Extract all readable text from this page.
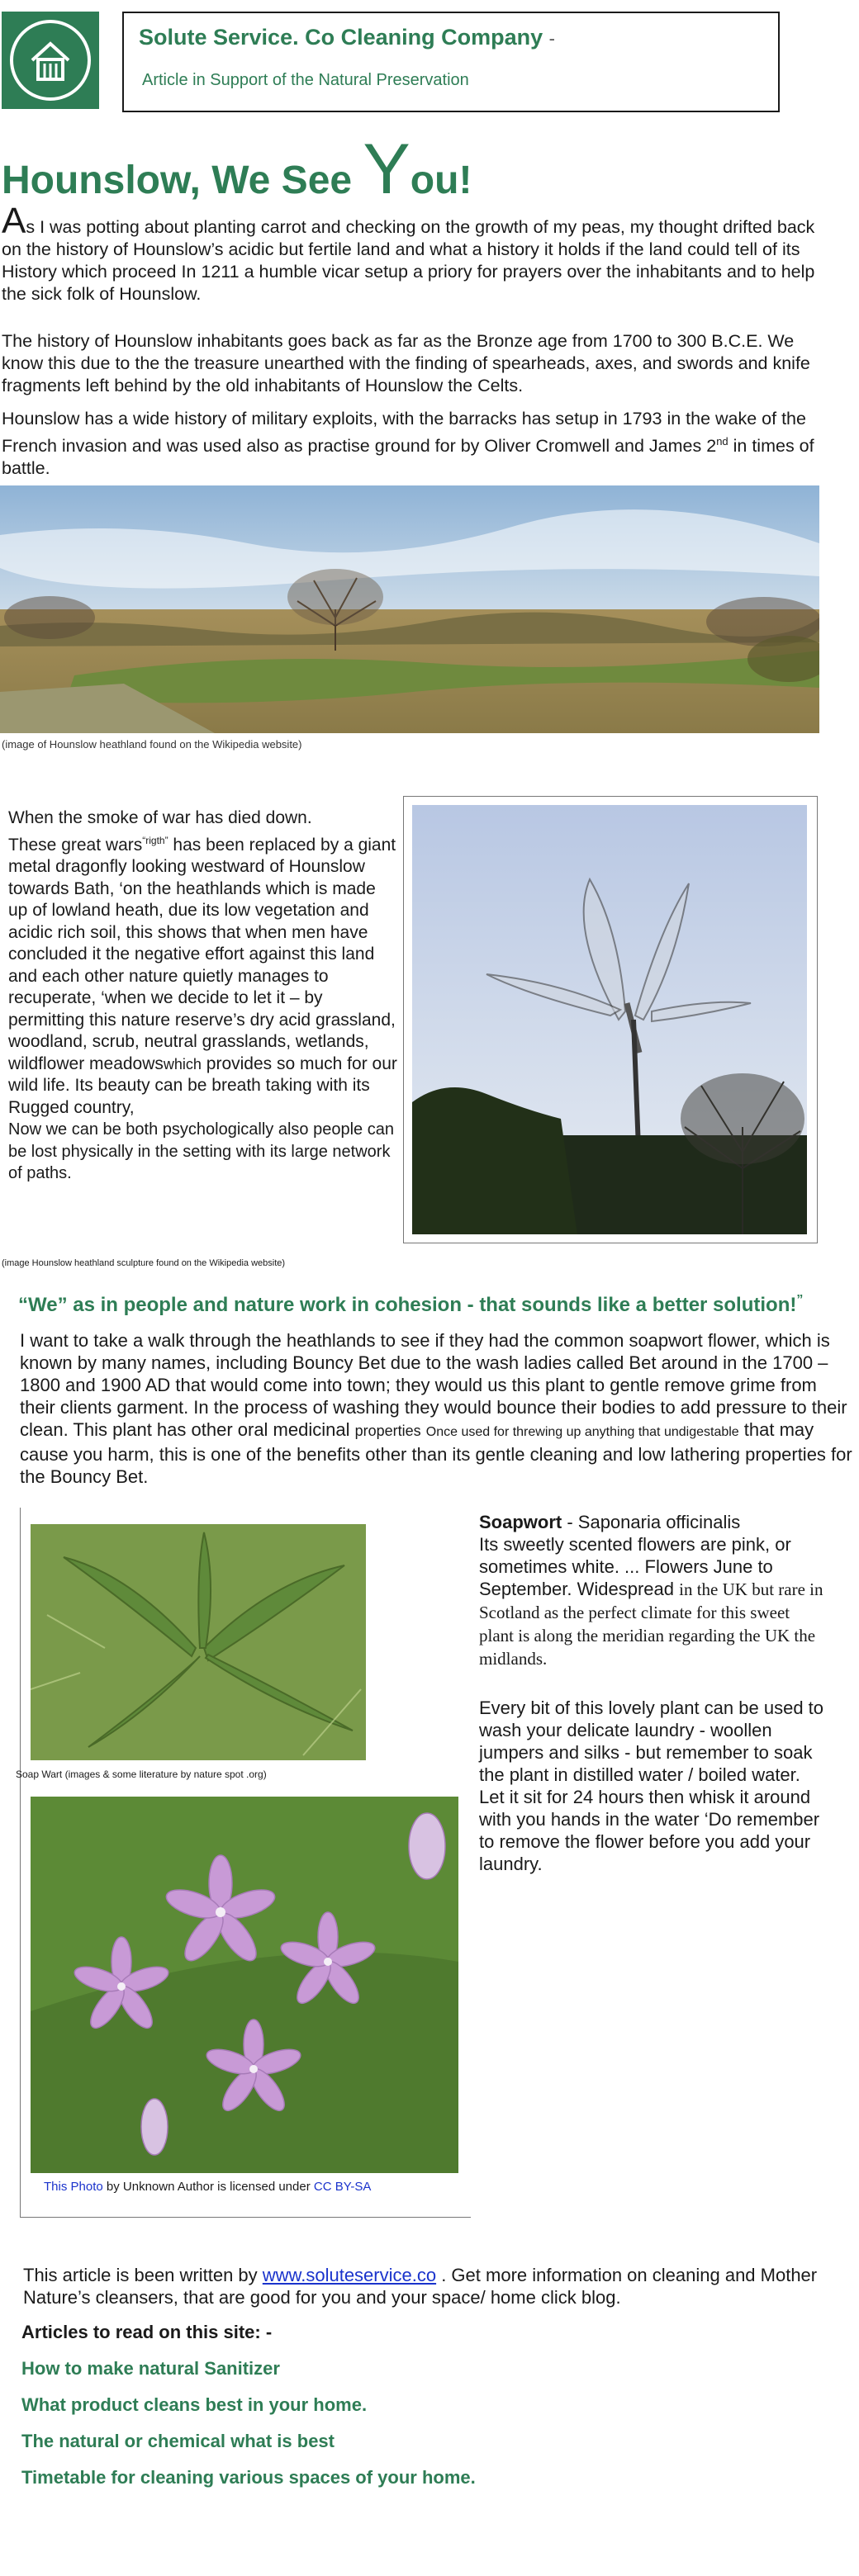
Solute Service. Co Cleaning Company -
Article in Support of the Natural Preservation
Hounslow, We See You!
As I was potting about planting carrot and checking on the growth of my peas, my thought drifted back on the history of Hounslow’s acidic but fertile land and what a history it holds if the land could tell of its History which proceed In 1211 a humble vicar setup a priory for prayers over the inhabitants and to help the sick folk of Hounslow.
The history of Hounslow inhabitants goes back as far as the Bronze age from 1700 to 300 B.C.E. We know this due to the the treasure unearthed with the finding of spearheads, axes, and swords and knife fragments left behind by the old inhabitants of Hounslow the Celts.
Hounslow has a wide history of military exploits, with the barracks has setup in 1793 in the wake of the French invasion and was used also as practise ground for by Oliver Cromwell and James 2nd in times of battle.
(image of Hounslow heathland found on the Wikipedia website)
When the smoke of war has died down.
These great wars$^{“rigth”}$ has been replaced by a giant metal dragonfly looking westward of Hounslow towards Bath, ‘on the heathlands which is made up of lowland heath, due its low vegetation and acidic rich soil, this shows that when men have concluded it the negative effort against this land and each other nature quietly manages to recuperate, ‘when we decide to let it – by permitting this nature reserve’s dry acid grassland, woodland, scrub, neutral grasslands, wetlands, wildflower meadowswhich provides so much for our wild life. Its beauty can be breath taking with its Rugged country,
Now we can be both psychologically also people can be lost physically in the setting with its large network of paths.
(image Hounslow heathland sculpture found on the Wikipedia website)
“We” as in people and nature work in cohesion - that sounds like a better solution!”
I want to take a walk through the heathlands to see if they had the common soapwort flower, which is known by many names, including Bouncy Bet due to the wash ladies called Bet around in the 1700 – 1800 and 1900 AD that would come into town; they would us this plant to gentle remove grime from their clients garment. In the process of washing they would bounce their bodies to add pressure to their clean. This plant has other oral medicinal properties Once used for threwing up anything that undigestable that may cause you harm, this is one of the benefits other than its gentle cleaning and low lathering properties for the Bouncy Bet.
Soap Wart (images & some literature by nature spot .org)
This Photo by Unknown Author is licensed under CC BY-SA
Soapwort - Saponaria officinalis
Its sweetly scented flowers are pink, or sometimes white. ... Flowers June to September. Widespread in the UK but rare in Scotland as the perfect climate for this sweet plant is along the meridian regarding the UK the midlands.
Every bit of this lovely plant can be used to wash your delicate laundry - woollen jumpers and silks - but remember to soak the plant in distilled water / boiled water. Let it sit for 24 hours then whisk it around with you hands in the water ‘Do remember to remove the flower before you add your laundry.
This article is been written by www.soluteservice.co . Get more information on cleaning and Mother Nature’s cleansers, that are good for you and your space/ home click blog.
Articles to read on this site: -
How to make natural Sanitizer
What product cleans best in your home.
The natural or chemical what is best
Timetable for cleaning various spaces of your home.
